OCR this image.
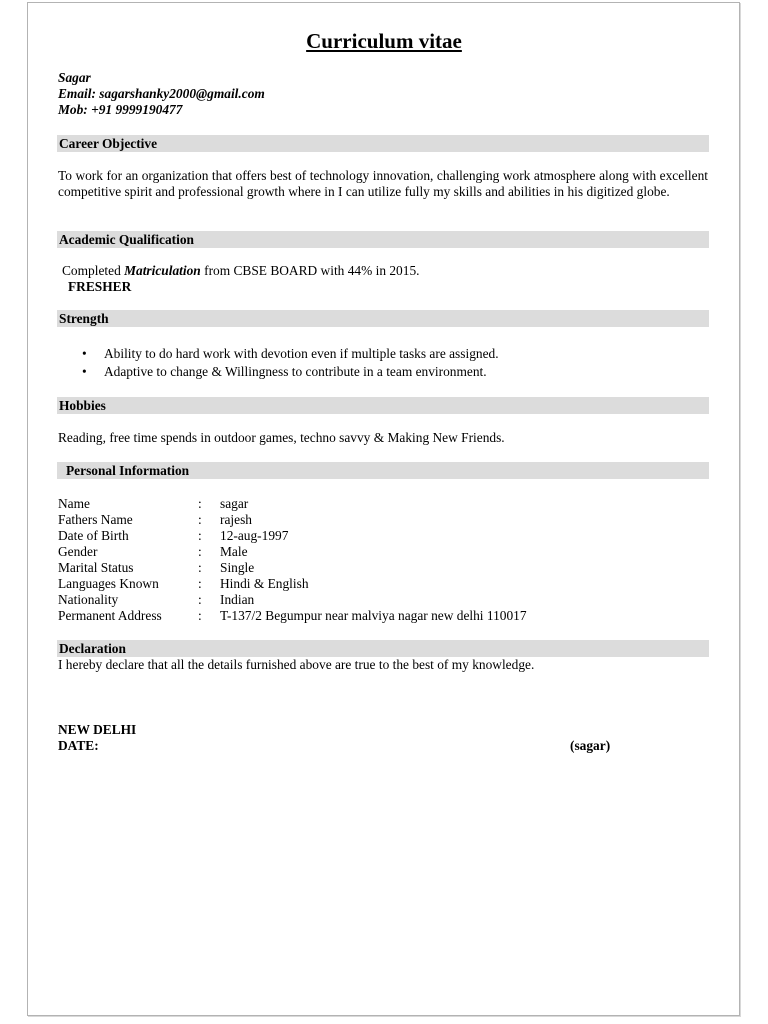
Curriculum vitae
Sagar
Email: sagarshanky2000@gmail.com
Mob: +91 9999190477
Career Objective
To work for an organization that offers best of technology innovation, challenging work atmosphere along with excellent competitive spirit and professional growth where in I can utilize fully my skills and abilities in his digitized globe.
Academic Qualification
Completed Matriculation from CBSE BOARD with 44% in 2015.
FRESHER
Strength
• Ability to do hard work with devotion even if multiple tasks are assigned.
• Adaptive to change & Willingness to contribute in a team environment.
Hobbies
Reading, free time spends in outdoor games, techno savvy & Making New Friends.
Personal Information
Name	: sagar
Fathers Name	: rajesh
Date of Birth	: 12-aug-1997
Gender	: Male
Marital Status	: Single
Languages Known	: Hindi & English
Nationality	: Indian
Permanent Address	: T-137/2 Begumpur near malviya nagar new delhi 110017
Declaration
I hereby declare that all the details furnished above are true to the best of my knowledge.
NEW DELHI
DATE:	(sagar)
